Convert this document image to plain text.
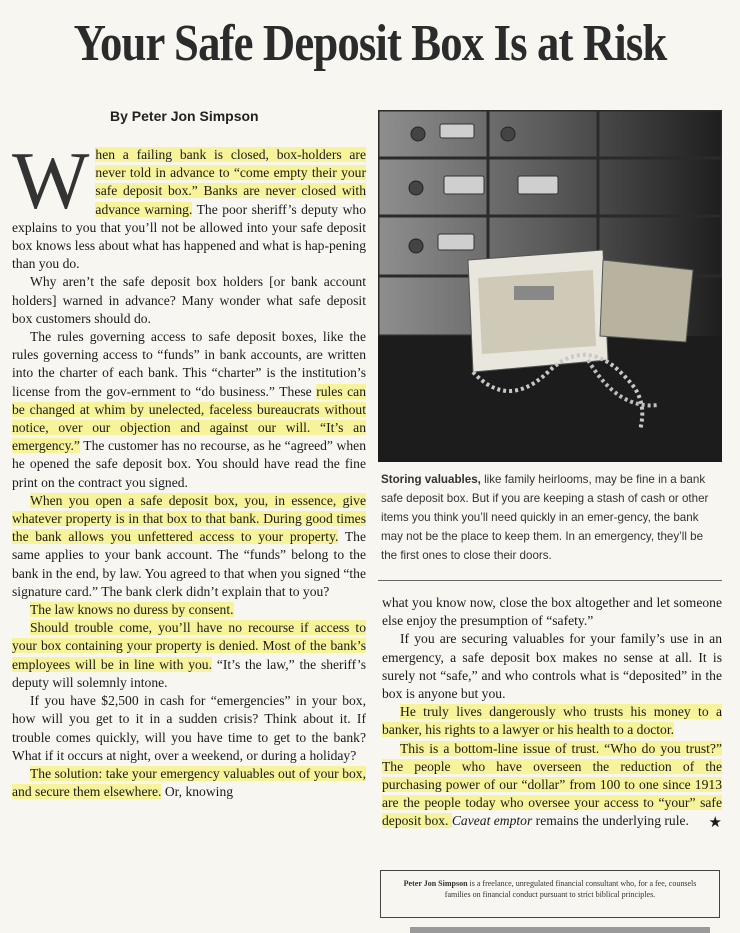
Your Safe Deposit Box Is at Risk
By Peter Jon Simpson

When a failing bank is closed, box-holders are never told in advance to “come empty their your safe deposit box.” Banks are never closed with advance warning. The poor sheriff’s deputy who explains to you that you’ll not be allowed into your safe deposit box knows less about what has happened and what is hap-pening than you do.

Why aren’t the safe deposit box holders [or bank account holders] warned in advance? Many wonder what safe deposit box customers should do.

The rules governing access to safe deposit boxes, like the rules governing access to “funds” in bank accounts, are written into the charter of each bank. This “charter” is the institution’s license from the gov-ernment to “do business.” These rules can be changed at whim by unelected, faceless bureaucrats without notice, over our objection and against our will. “It’s an emergency.” The customer has no recourse, as he “agreed” when he opened the safe deposit box. You should have read the fine print on the contract you signed.

When you open a safe deposit box, you, in essence, give whatever property is in that box to that bank. During good times the bank allows you unfettered access to your property. The same applies to your bank account. The “funds” belong to the bank in the end, by law. You agreed to that when you signed “the signature card.” The bank clerk didn’t explain that to you?

The law knows no duress by consent.

Should trouble come, you’ll have no recourse if access to your box containing your property is denied. Most of the bank’s employees will be in line with you. “It’s the law,” the sheriff’s deputy will solemnly intone.

If you have $2,500 in cash for “emergencies” in your box, how will you get to it in a sudden crisis? Think about it. If trouble comes quickly, will you have time to get to the bank? What if it occurs at night, over a weekend, or during a holiday?

The solution: take your emergency valuables out of your box, and secure them elsewhere. Or, knowing

Storing valuables, like family heirlooms, may be fine in a bank safe deposit box. But if you are keeping a stash of cash or other items you think you’ll need quickly in an emer-gency, the bank may not be the place to keep them. In an emergency, they’ll be the first ones to close their doors.

what you know now, close the box altogether and let someone else enjoy the presumption of “safety.”

If you are securing valuables for your family’s use in an emergency, a safe deposit box makes no sense at all. It is surely not “safe,” and who controls what is “deposited” in the box is anyone but you.

He truly lives dangerously who trusts his money to a banker, his rights to a lawyer or his health to a doctor.

This is a bottom-line issue of trust. “Who do you trust?” The people who have overseen the reduction of the purchasing power of our “dollar” from 100 to one since 1913 are the people today who oversee your access to “your” safe deposit box. Caveat emptor remains the underlying rule.	★

Peter Jon Simpson is a freelance, unregulated financial consultant who, for a fee, counsels families on financial conduct pursuant to strict biblical principles.
